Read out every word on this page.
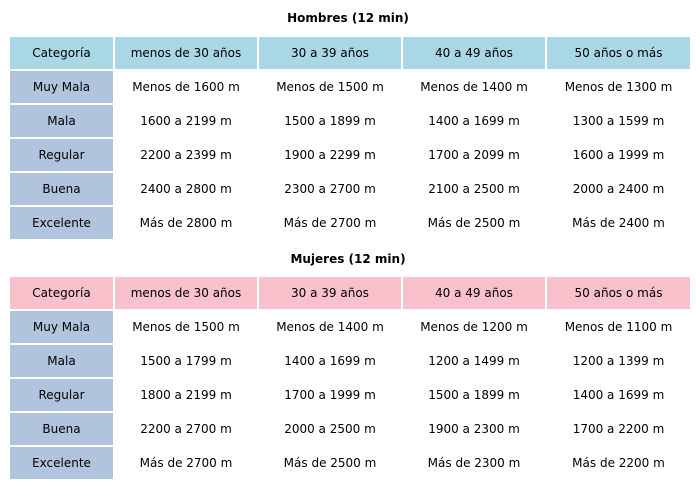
Hombres (12 min)
Categoría	menos de 30 años	30 a 39 años	40 a 49 años	50 años o más
Muy Mala	Menos de 1600 m	Menos de 1500 m	Menos de 1400 m	Menos de 1300 m
Mala	1600 a 2199 m	1500 a 1899 m	1400 a 1699 m	1300 a 1599 m
Regular	2200 a 2399 m	1900 a 2299 m	1700 a 2099 m	1600 a 1999 m
Buena	2400 a 2800 m	2300 a 2700 m	2100 a 2500 m	2000 a 2400 m
Excelente	Más de 2800 m	Más de 2700 m	Más de 2500 m	Más de 2400 m
Mujeres (12 min)
Categoría	menos de 30 años	30 a 39 años	40 a 49 años	50 años o más
Muy Mala	Menos de 1500 m	Menos de 1400 m	Menos de 1200 m	Menos de 1100 m
Mala	1500 a 1799 m	1400 a 1699 m	1200 a 1499 m	1200 a 1399 m
Regular	1800 a 2199 m	1700 a 1999 m	1500 a 1899 m	1400 a 1699 m
Buena	2200 a 2700 m	2000 a 2500 m	1900 a 2300 m	1700 a 2200 m
Excelente	Más de 2700 m	Más de 2500 m	Más de 2300 m	Más de 2200 m
